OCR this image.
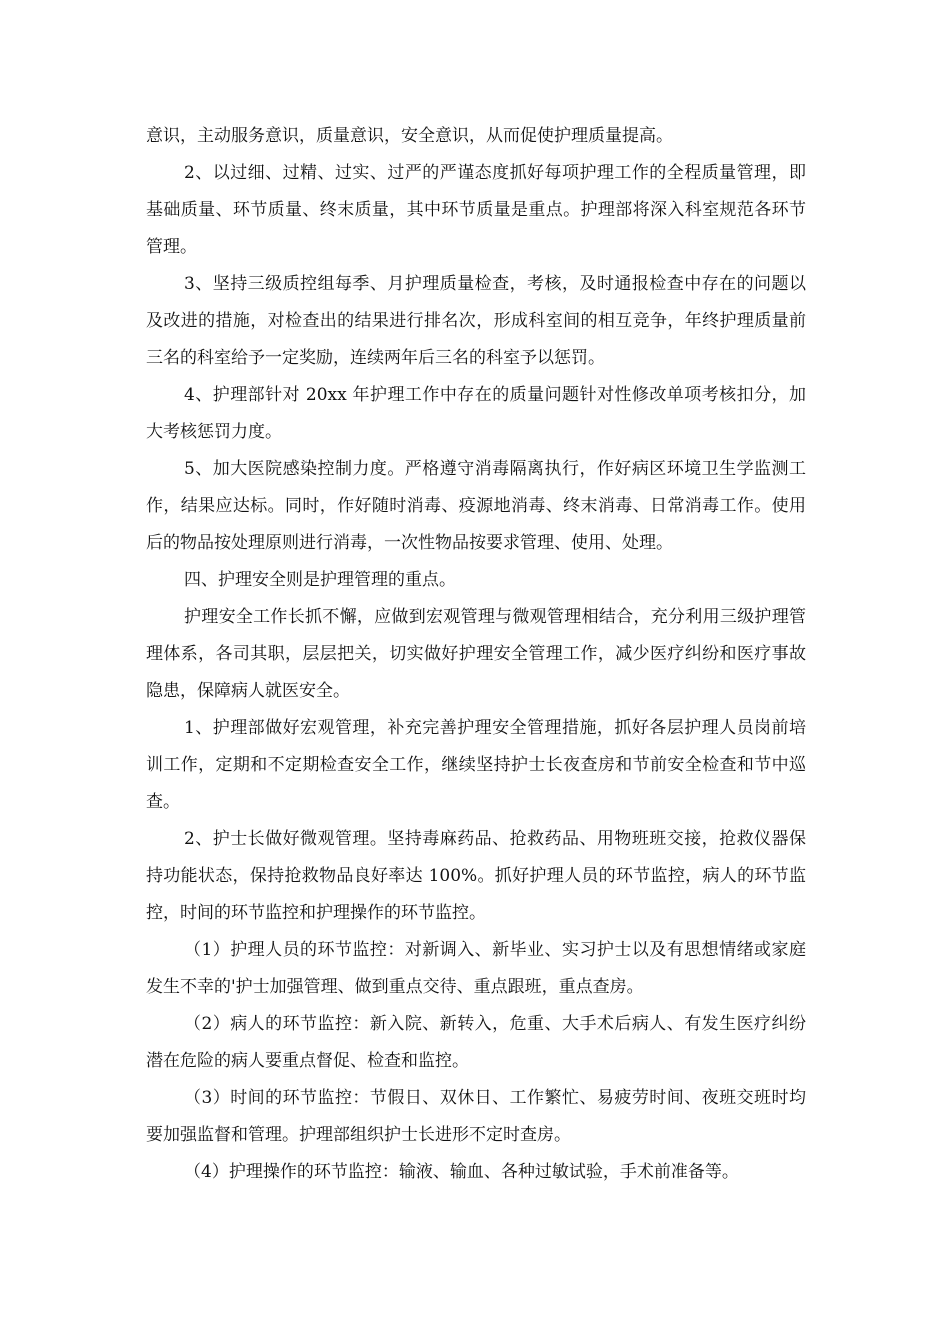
意识，主动服务意识，质量意识，安全意识，从而促使护理质量提高。

2、以过细、过精、过实、过严的严谨态度抓好每项护理工作的全程质量管理，即基础质量、环节质量、终末质量，其中环节质量是重点。护理部将深入科室规范各环节管理。

3、坚持三级质控组每季、月护理质量检查，考核，及时通报检查中存在的问题以及改进的措施，对检查出的结果进行排名次，形成科室间的相互竞争，年终护理质量前三名的科室给予一定奖励，连续两年后三名的科室予以惩罚。

4、护理部针对 20xx 年护理工作中存在的质量问题针对性修改单项考核扣分，加大考核惩罚力度。

5、加大医院感染控制力度。严格遵守消毒隔离执行，作好病区环境卫生学监测工作，结果应达标。同时，作好随时消毒、疫源地消毒、终末消毒、日常消毒工作。使用后的物品按处理原则进行消毒，一次性物品按要求管理、使用、处理。

四、护理安全则是护理管理的重点。

护理安全工作长抓不懈，应做到宏观管理与微观管理相结合，充分利用三级护理管理体系，各司其职，层层把关，切实做好护理安全管理工作，减少医疗纠纷和医疗事故隐患，保障病人就医安全。

1、护理部做好宏观管理，补充完善护理安全管理措施，抓好各层护理人员岗前培训工作，定期和不定期检查安全工作，继续坚持护士长夜查房和节前安全检查和节中巡查。

2、护士长做好微观管理。坚持毒麻药品、抢救药品、用物班班交接，抢救仪器保持功能状态，保持抢救物品良好率达 100%。抓好护理人员的环节监控，病人的环节监控，时间的环节监控和护理操作的环节监控。

（1）护理人员的环节监控：对新调入、新毕业、实习护士以及有思想情绪或家庭发生不幸的'护士加强管理、做到重点交待、重点跟班，重点查房。

（2）病人的环节监控：新入院、新转入，危重、大手术后病人、有发生医疗纠纷潜在危险的病人要重点督促、检查和监控。

（3）时间的环节监控：节假日、双休日、工作繁忙、易疲劳时间、夜班交班时均要加强监督和管理。护理部组织护士长进形不定时查房。

（4）护理操作的环节监控：输液、输血、各种过敏试验，手术前准备等。
